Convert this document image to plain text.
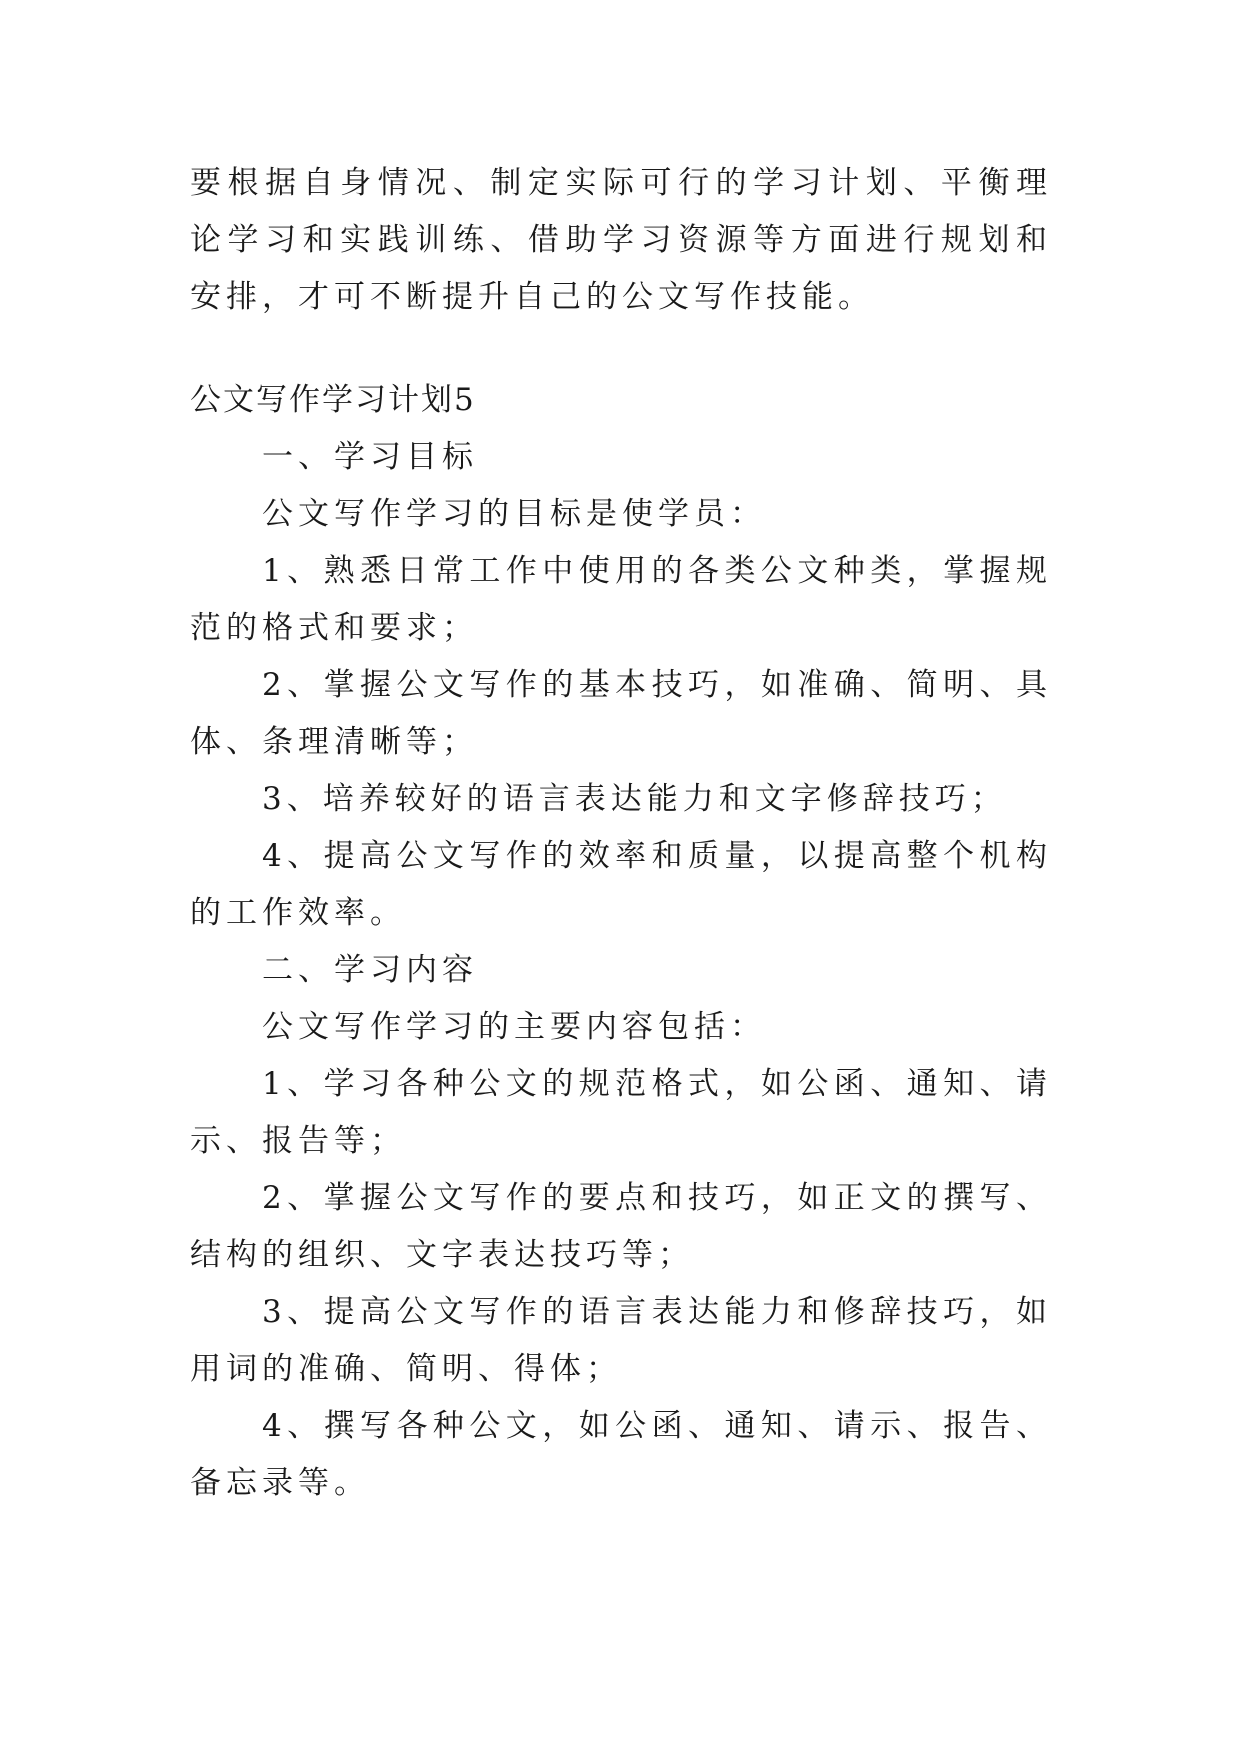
要根据自身情况、制定实际可行的学习计划、平衡理论学习和实践训练、借助学习资源等方面进行规划和安排，才可不断提升自己的公文写作技能。

公文写作学习计划5

一、学习目标

公文写作学习的目标是使学员：

1、熟悉日常工作中使用的各类公文种类，掌握规范的格式和要求；

2、掌握公文写作的基本技巧，如准确、简明、具体、条理清晰等；

3、培养较好的语言表达能力和文字修辞技巧；

4、提高公文写作的效率和质量，以提高整个机构的工作效率。

二、学习内容

公文写作学习的主要内容包括：

1、学习各种公文的规范格式，如公函、通知、请示、报告等；

2、掌握公文写作的要点和技巧，如正文的撰写、结构的组织、文字表达技巧等；

3、提高公文写作的语言表达能力和修辞技巧，如用词的准确、简明、得体；

4、撰写各种公文，如公函、通知、请示、报告、备忘录等。
